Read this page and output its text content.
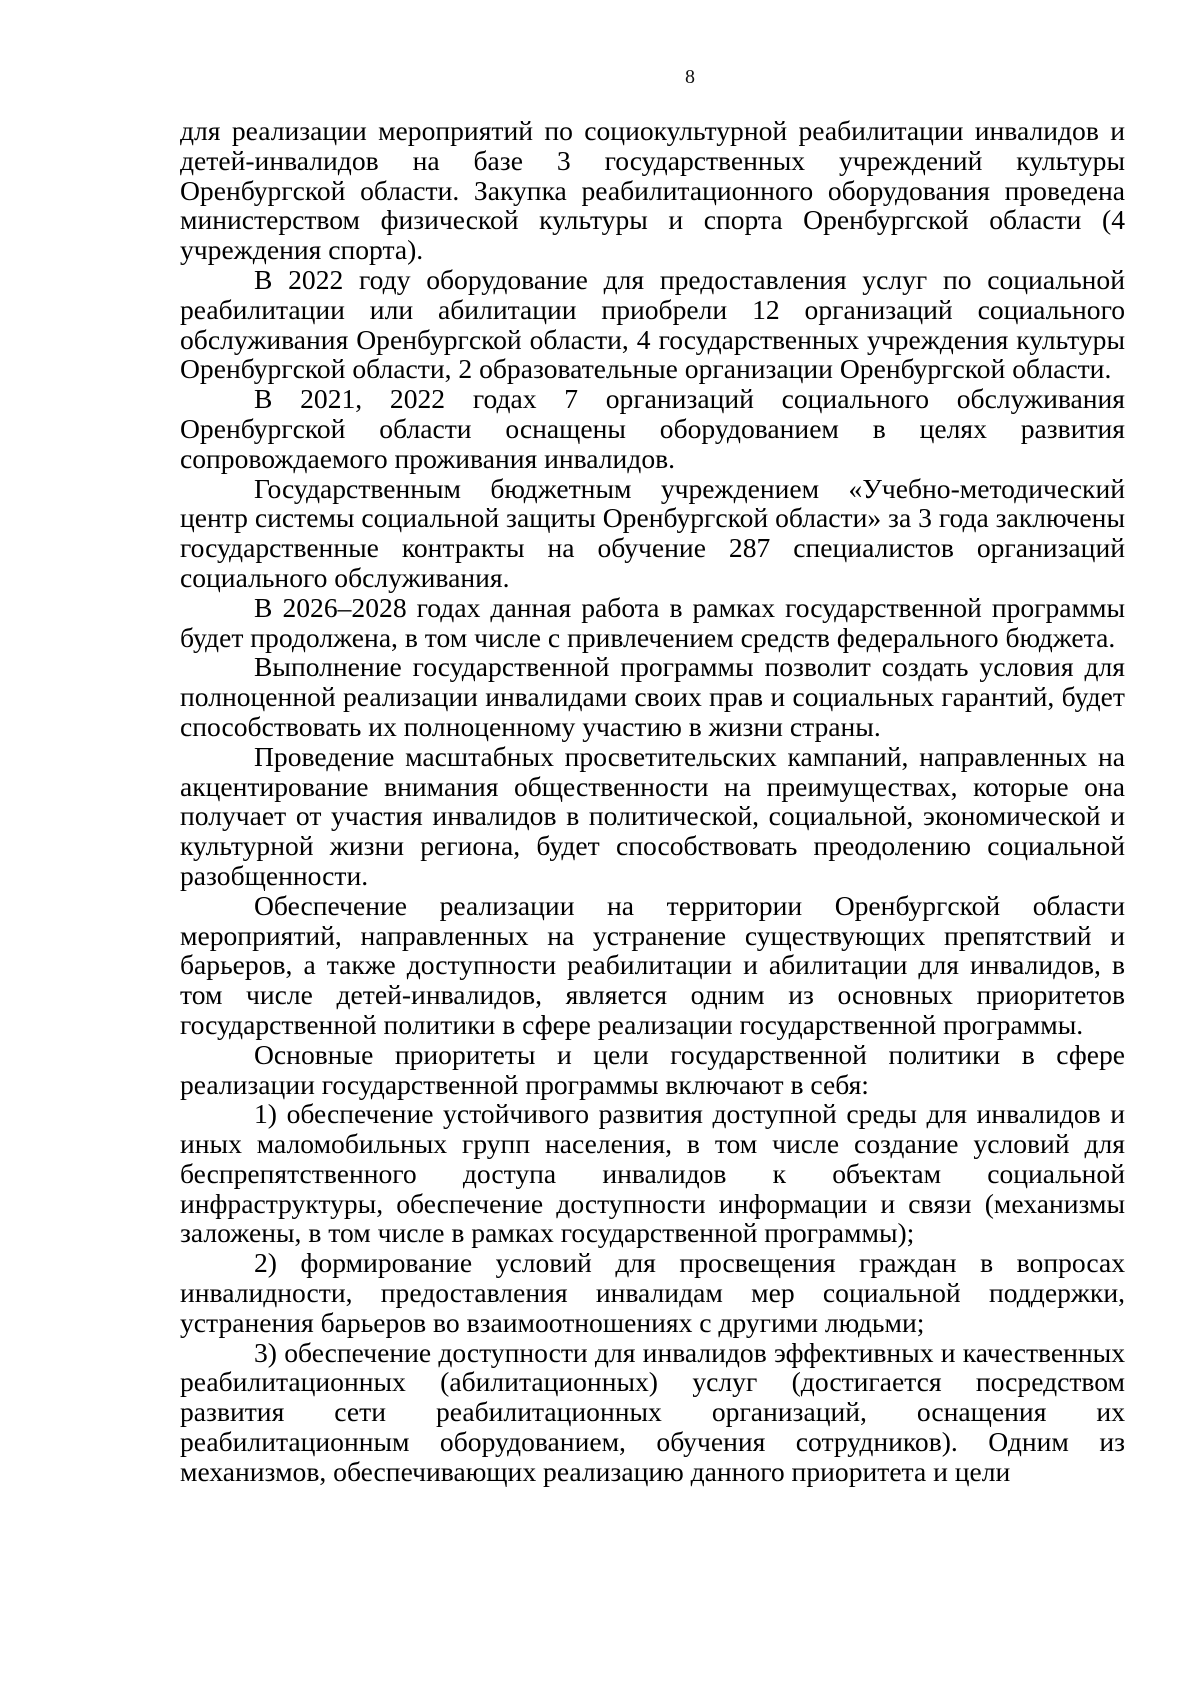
8

для реализации мероприятий по социокультурной реабилитации инвалидов и детей-инвалидов на базе 3 государственных учреждений культуры Оренбургской области. Закупка реабилитационного оборудования проведена министерством физической культуры и спорта Оренбургской области (4 учреждения спорта).

В 2022 году оборудование для предоставления услуг по социальной реабилитации или абилитации приобрели 12 организаций социального обслуживания Оренбургской области, 4 государственных учреждения культуры Оренбургской области, 2 образовательные организации Оренбургской области.

В 2021, 2022 годах 7 организаций социального обслуживания Оренбургской области оснащены оборудованием в целях развития сопровождаемого проживания инвалидов.

Государственным бюджетным учреждением «Учебно-методический центр системы социальной защиты Оренбургской области» за 3 года заключены государственные контракты на обучение 287 специалистов организаций социального обслуживания.

В 2026–2028 годах данная работа в рамках государственной программы будет продолжена, в том числе с привлечением средств федерального бюджета.

Выполнение государственной программы позволит создать условия для полноценной реализации инвалидами своих прав и социальных гарантий, будет способствовать их полноценному участию в жизни страны.

Проведение масштабных просветительских кампаний, направленных на акцентирование внимания общественности на преимуществах, которые она получает от участия инвалидов в политической, социальной, экономической и культурной жизни региона, будет способствовать преодолению социальной разобщенности.

Обеспечение реализации на территории Оренбургской области мероприятий, направленных на устранение существующих препятствий и барьеров, а также доступности реабилитации и абилитации для инвалидов, в том числе детей-инвалидов, является одним из основных приоритетов государственной политики в сфере реализации государственной программы.

Основные приоритеты и цели государственной политики в сфере реализации государственной программы включают в себя:

1) обеспечение устойчивого развития доступной среды для инвалидов и иных маломобильных групп населения, в том числе создание условий для беспрепятственного доступа инвалидов к объектам социальной инфраструктуры, обеспечение доступности информации и связи (механизмы заложены, в том числе в рамках государственной программы);

2) формирование условий для просвещения граждан в вопросах инвалидности, предоставления инвалидам мер социальной поддержки, устранения барьеров во взаимоотношениях с другими людьми;

3) обеспечение доступности для инвалидов эффективных и качественных реабилитационных (абилитационных) услуг (достигается посредством развития сети реабилитационных организаций, оснащения их реабилитационным оборудованием, обучения сотрудников). Одним из механизмов, обеспечивающих реализацию данного приоритета и цели
